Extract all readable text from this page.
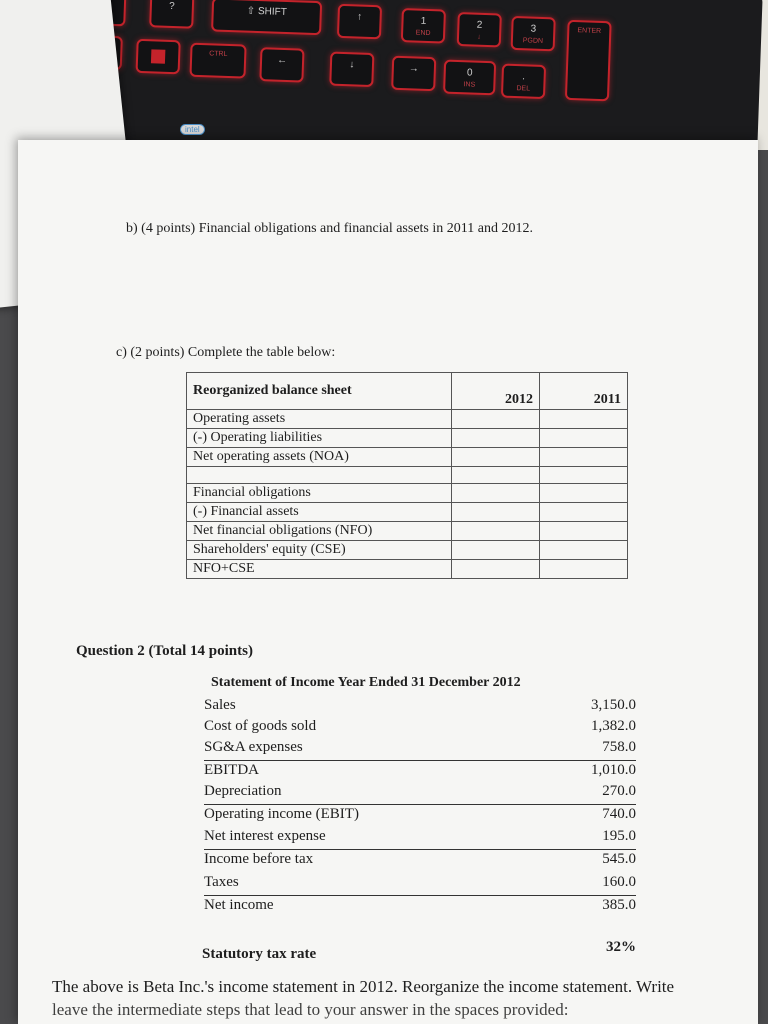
?	⇧ SHIFT	↑	1
END
2
↓
3
PGDN
ENTER
CTRL
←	↓	→	0
INS
.
DEL
intel
b) (4 points) Financial obligations and financial assets in 2011 and 2012.
c) (2 points) Complete the table below:
Reorganized balance sheet	2012	2011
Operating assets		
(-) Operating liabilities		
Net operating assets (NOA)		

Financial obligations		
(-) Financial assets		
Net financial obligations (NFO)		
Shareholders' equity (CSE)		
NFO+CSE		
Question 2 (Total 14 points)
Statement of Income Year Ended 31 December 2012
Sales	3,150.0
Cost of goods sold	1,382.0
SG&A expenses	758.0
EBITDA	1,010.0
Depreciation	270.0
Operating income (EBIT)	740.0
Net interest expense	195.0
Income before tax	545.0
Taxes	160.0
Net income	385.0
Statutory tax rate	32%
The above is Beta Inc.'s income statement in 2012. Reorganize the income statement. Write
leave the intermediate steps that lead to your answer in the spaces provided:
